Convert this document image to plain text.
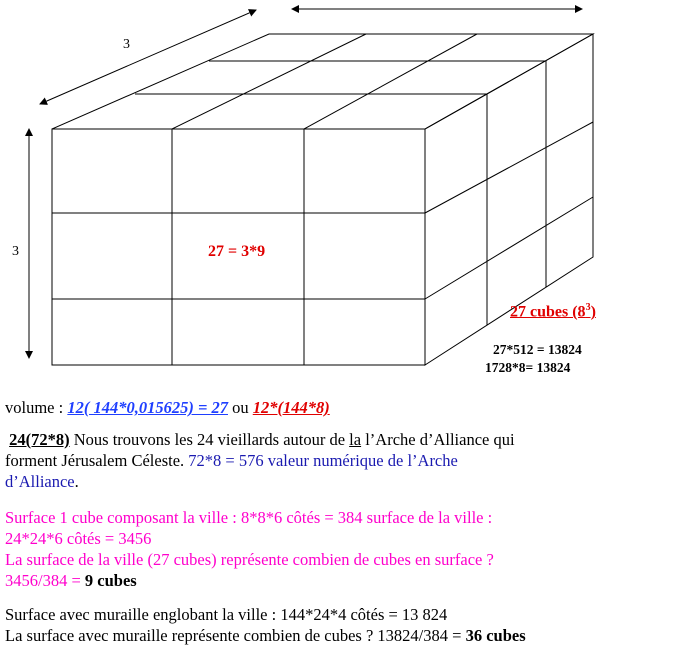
3
3	27 = 3*9
27 cubes $(8^3)$
27*512 = 13824
1728*8= 13824

volume : 12( 144*0,015625) = 27 ou 12*(144*8)

24(72*8) Nous trouvons les 24 vieillards autour de la l’Arche d’Alliance qui

forment Jérusalem Céleste. 72*8 = 576 valeur numérique de l’Arche

d’Alliance.

Surface 1 cube composant la ville : 8*8*6 côtés = 384 surface de la ville :

24*24*6 côtés = 3456

La surface de la ville (27 cubes) représente combien de cubes en surface ?

3456/384 = 9 cubes

Surface avec muraille englobant la ville : 144*24*4 côtés = 13 824

La surface avec muraille représente combien de cubes ? 13824/384 = 36 cubes
